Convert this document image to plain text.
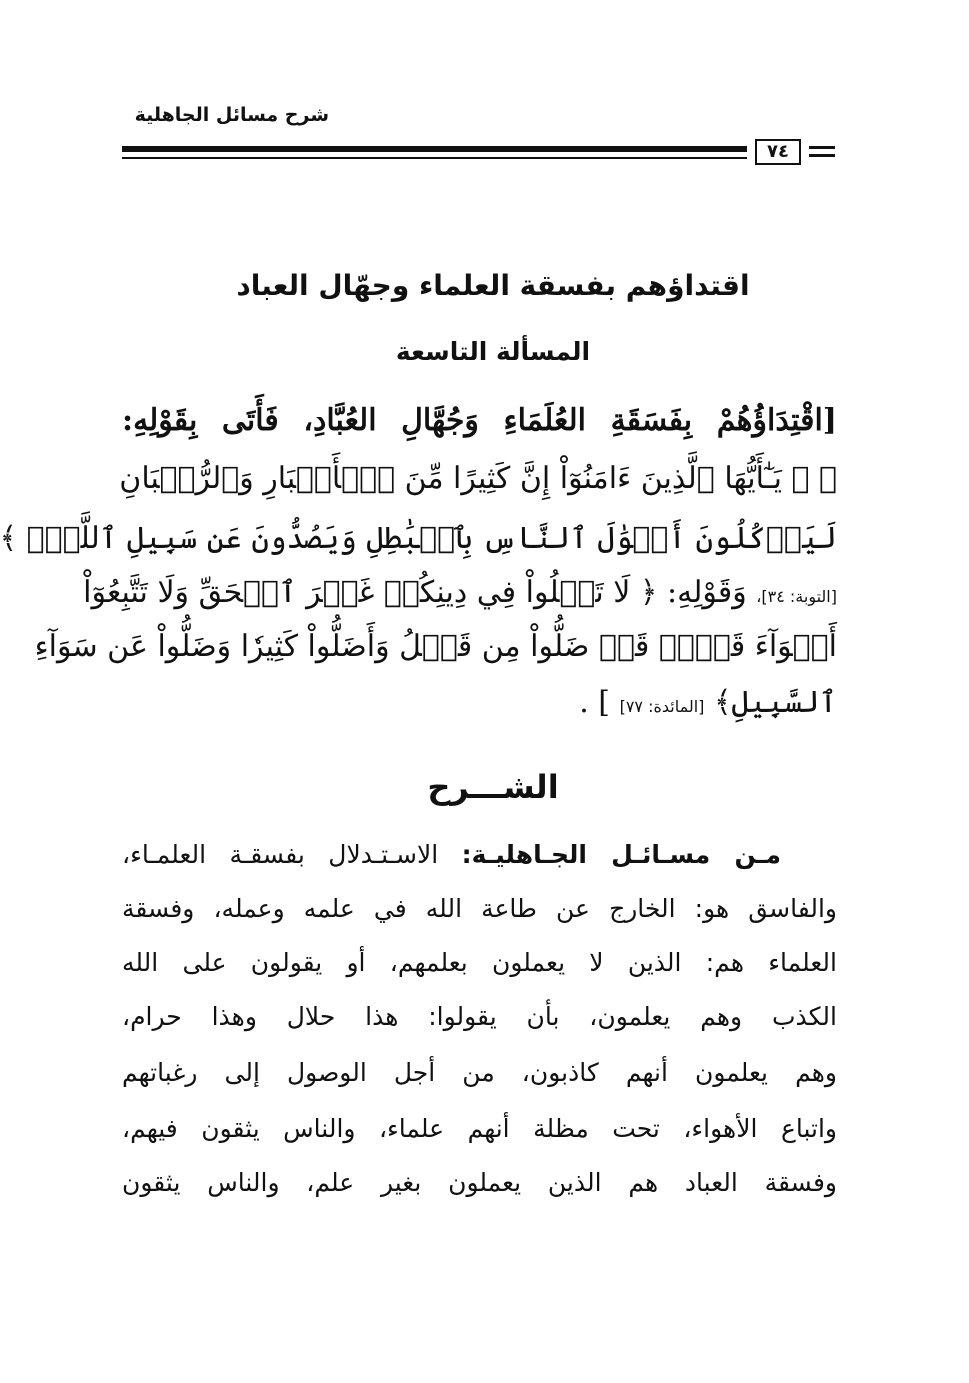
شرح مسائل الجاهلية
٧٤
اقتداؤهم بفسقة العلماء وجهّال العباد
المسألة التاسعة
[اقْتِدَاؤُهُمْ بِفَسَقَةِ العُلَمَاءِ وَجُهَّالِ العُبَّادِ، فَأَتَى بِقَوْلِهِ:
﴿ ۞ يَـٰٓأَيُّهَا ٱلَّذِينَ ءَامَنُوٓاْ إِنَّ كَثِيرًا مِّنَ ٱلۡأَحۡبَارِ وَٱلرُّهۡبَانِ
لَيَأۡكُلُونَ أَمۡوَٰلَ ٱلنَّاسِ بِٱلۡبَٰطِلِ وَيَصُدُّونَ عَن سَبِيلِ ٱللَّهِۗ ﴾
[التوبة: ٣٤]، وَقَوْلِهِ: ﴿ لَا تَغۡلُواْ فِي دِينِكُمۡ غَيۡرَ ٱلۡحَقِّ وَلَا تَتَّبِعُوٓاْ
أَهۡوَآءَ قَوۡمٖ قَدۡ ضَلُّواْ مِن قَبۡلُ وَأَضَلُّواْ كَثِيرٗا وَضَلُّواْ عَن سَوَآءِ
ٱلسَّبِيلِ﴾ [المائدة: ٧٧] ] .
الشـــرح
مـن مسـائـل الجـاهليـة: الاسـتـدلال بفسقـة العلمـاء،
والفاسق هو: الخارج عن طاعة الله في علمه وعمله، وفسقة
العلماء هم: الذين لا يعملون بعلمهم، أو يقولون على الله
الكذب وهم يعلمون، بأن يقولوا: هذا حلال وهذا حرام،
وهم يعلمون أنهم كاذبون، من أجل الوصول إلى رغباتهم
واتباع الأهواء، تحت مظلة أنهم علماء، والناس يثقون فيهم،
وفسقة العباد هم الذين يعملون بغير علم، والناس يثقون
